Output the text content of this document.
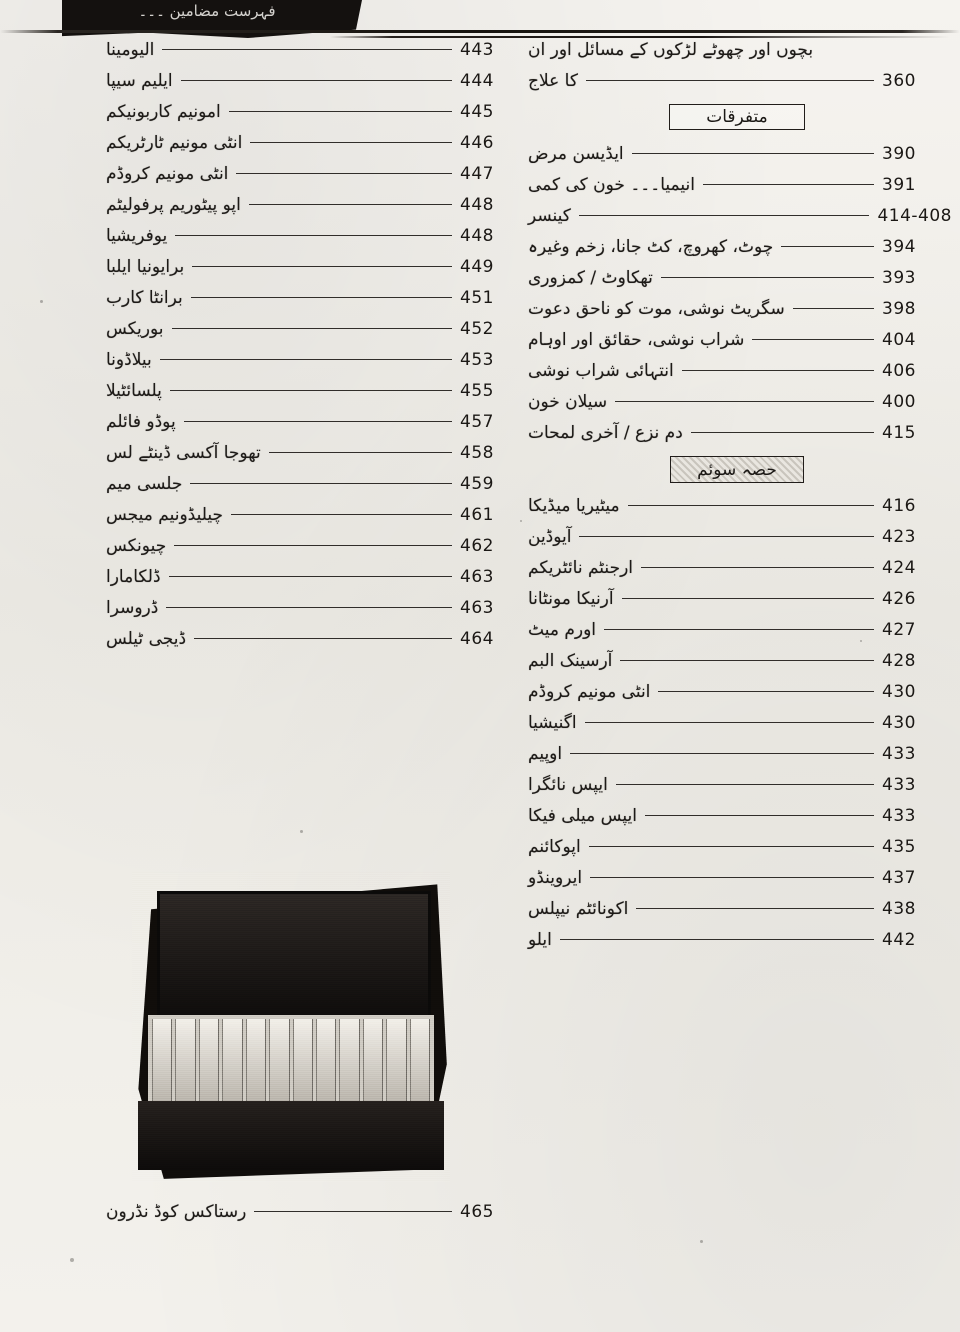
فہرست مضامین ۔۔۔
بچوں اور چھوٹے لڑکوں کے مسائل اور ان
کا علاج	360
متفرقات
ایڈیسن مرض	390
انیمیا۔۔۔ خون کی کمی	391
کینسر	414-408
چوٹ، کھروچ، کٹ جانا، زخم وغیرہ	394
تھکاوٹ / کمزوری	393
سگریٹ نوشی، موت کو ناحق دعوت	398
شراب نوشی، حقائق اور اوہام	404
انتہائی شراب نوشی	406
سیلان خون	400
دم نزع / آخری لمحات	415
حصہ سوئم
میٹیریا میڈیکا	416
آیوڈین	423
ارجنٹم نائٹریکم	424
آرنیکا مونٹانا	426
اورم میٹ	427
آرسینک البم	428
انٹی مونیم کروڈم	430
اگنیشیا	430
اوپیم	433
ایپس نائگرا	433
ایپس میلی فیکا	433
اپوکائنم	435
ایروینڈو	437
اکونائٹم نیپلس	438
ایلو	442
الیومینا	443
ایلیم سیپا	444
امونیم کاربونیکم	445
انٹی مونیم ٹارٹریکم	446
انٹی مونیم کروڈم	447
اپو پیٹوریم پرفولیٹم	448
یوفریشیا	448
برایونیا ایلبا	449
برانٹا کارب	451
بوریکس	452
بیلاڈونا	453
پلسائٹیلا	455
پوڈو فائلم	457
تھوجا آکسی ڈینٹے لس	458
جلسی میم	459
چیلیڈونیم میجس	461
چیونکس	462
ڈلکامارا	463
ڈروسرا	463
ڈیجی ٹیلس	464
رستاکس کوڈ نڈرون	465
